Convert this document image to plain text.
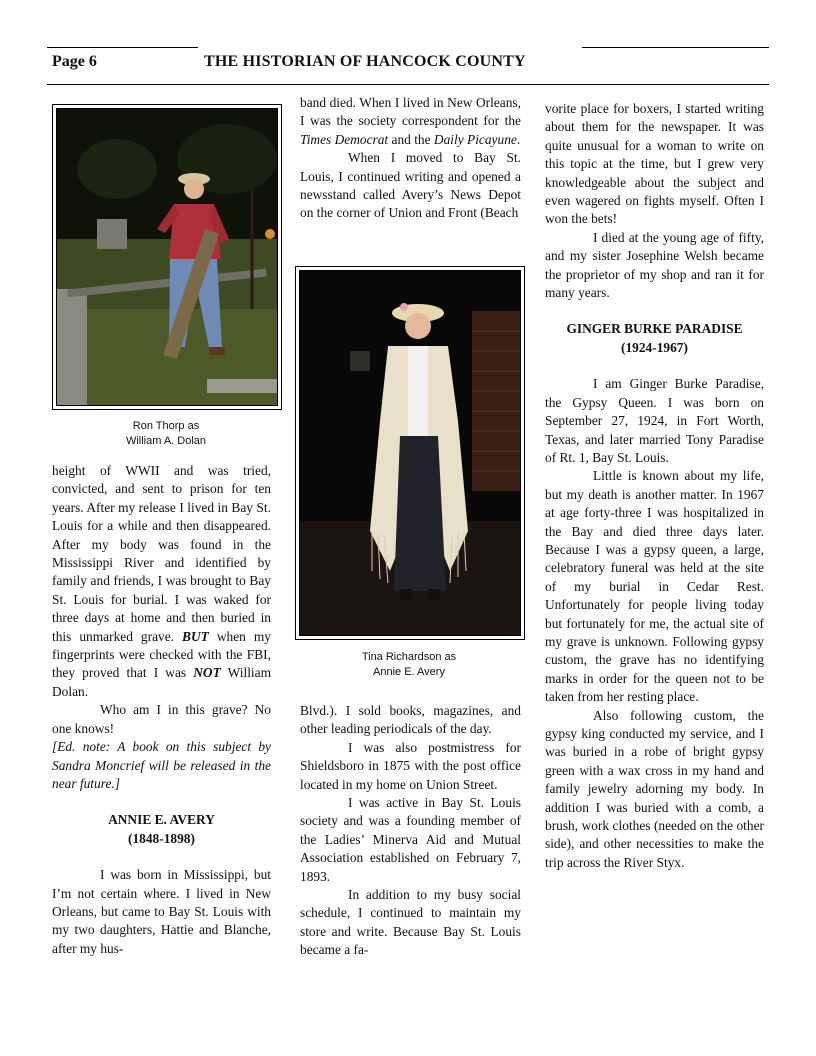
Page 6	THE HISTORIAN OF HANCOCK COUNTY
Ron Thorp as
William A. Dolan

height of WWII and was tried, convicted, and sent to prison for ten years. After my release I lived in Bay St. Louis for a while and then disappeared. After my body was found in the Mississippi River and identified by family and friends, I was brought to Bay St. Louis for burial. I was waked for three days at home and then buried in this unmarked grave. BUT when my fingerprints were checked with the FBI, they proved that I was NOT William Dolan.

Who am I in this grave? No one knows!

[Ed. note: A book on this subject by Sandra Moncrief will be released in the near future.]

ANNIE E. AVERY
(1848-1898)

I was born in Mississippi, but I’m not certain where. I lived in New Orleans, but came to Bay St. Louis with my two daughters, Hattie and Blanche, after my hus-

band died. When I lived in New Orleans, I was the society correspondent for the Times Democrat and the Daily Picayune.

When I moved to Bay St. Louis, I continued writing and opened a newsstand called Avery’s News Depot on the corner of Union and Front (Beach

Tina Richardson as
Annie E. Avery

Blvd.). I sold books, magazines, and other leading periodicals of the day.

I was also postmistress for Shieldsboro in 1875 with the post office located in my home on Union Street.

I was active in Bay St. Louis society and was a founding member of the Ladies’ Minerva Aid and Mutual Association established on February 7, 1893.

In addition to my busy social schedule, I continued to maintain my store and write. Because Bay St. Louis became a fa-

vorite place for boxers, I started writing about them for the newspaper. It was quite unusual for a woman to write on this topic at the time, but I grew very knowledgeable about the subject and even wagered on fights myself. Often I won the bets!

I died at the young age of fifty, and my sister Josephine Welsh became the proprietor of my shop and ran it for many years.

GINGER BURKE PARADISE
(1924-1967)

I am Ginger Burke Paradise, the Gypsy Queen. I was born on September 27, 1924, in Fort Worth, Texas, and later married Tony Paradise of Rt. 1, Bay St. Louis.

Little is known about my life, but my death is another matter. In 1967 at age forty-three I was hospitalized in the Bay and died three days later. Because I was a gypsy queen, a large, celebratory funeral was held at the site of my burial in Cedar Rest. Unfortunately for people living today but fortunately for me, the actual site of my grave is unknown. Following gypsy custom, the grave has no identifying marks in order for the queen not to be taken from her resting place.

Also following custom, the gypsy king conducted my service, and I was buried in a robe of bright gypsy green with a wax cross in my hand and family jewelry adorning my body. In addition I was buried with a comb, a brush, work clothes (needed on the other side), and other necessities to make the trip across the River Styx.
